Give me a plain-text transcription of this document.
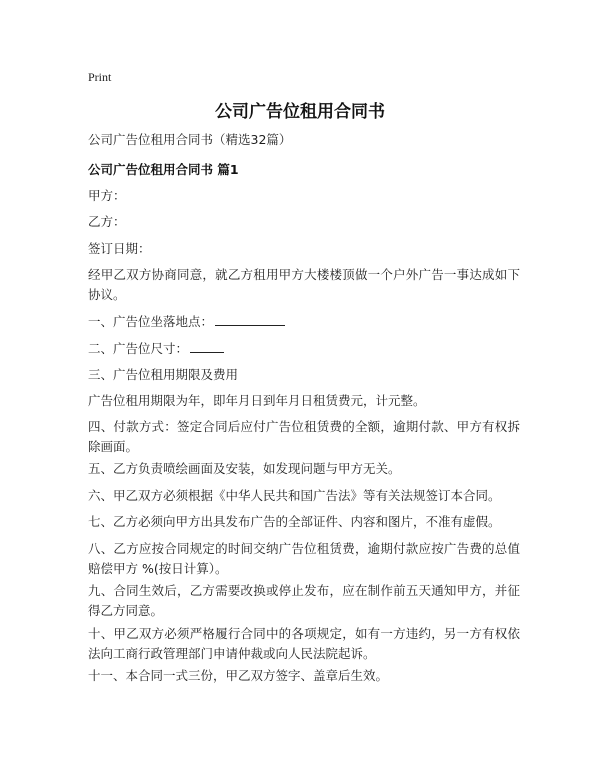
Print
公司广告位租用合同书
公司广告位租用合同书（精选32篇）
公司广告位租用合同书 篇1
甲方：
乙方：
签订日期：
经甲乙双方协商同意，就乙方租用甲方大楼楼顶做一个户外广告一事达成如下协议。
一、广告位坐落地点：
二、广告位尺寸：
三、广告位租用期限及费用
广告位租用期限为年，即年月日到年月日租赁费元，计元整。
四、付款方式：签定合同后应付广告位租赁费的全额，逾期付款、甲方有权拆除画面。
五、乙方负责喷绘画面及安装，如发现问题与甲方无关。
六、甲乙双方必须根据《中华人民共和国广告法》等有关法规签订本合同。
七、乙方必须向甲方出具发布广告的全部证件、内容和图片，不准有虚假。
八、乙方应按合同规定的时间交纳广告位租赁费，逾期付款应按广告费的总值赔偿甲方 %(按日计算）。
九、合同生效后，乙方需要改换或停止发布，应在制作前五天通知甲方，并征得乙方同意。
十、甲乙双方必须严格履行合同中的各项规定，如有一方违约，另一方有权依法向工商行政管理部门申请仲裁或向人民法院起诉。
十一、本合同一式三份，甲乙双方签字、盖章后生效。
